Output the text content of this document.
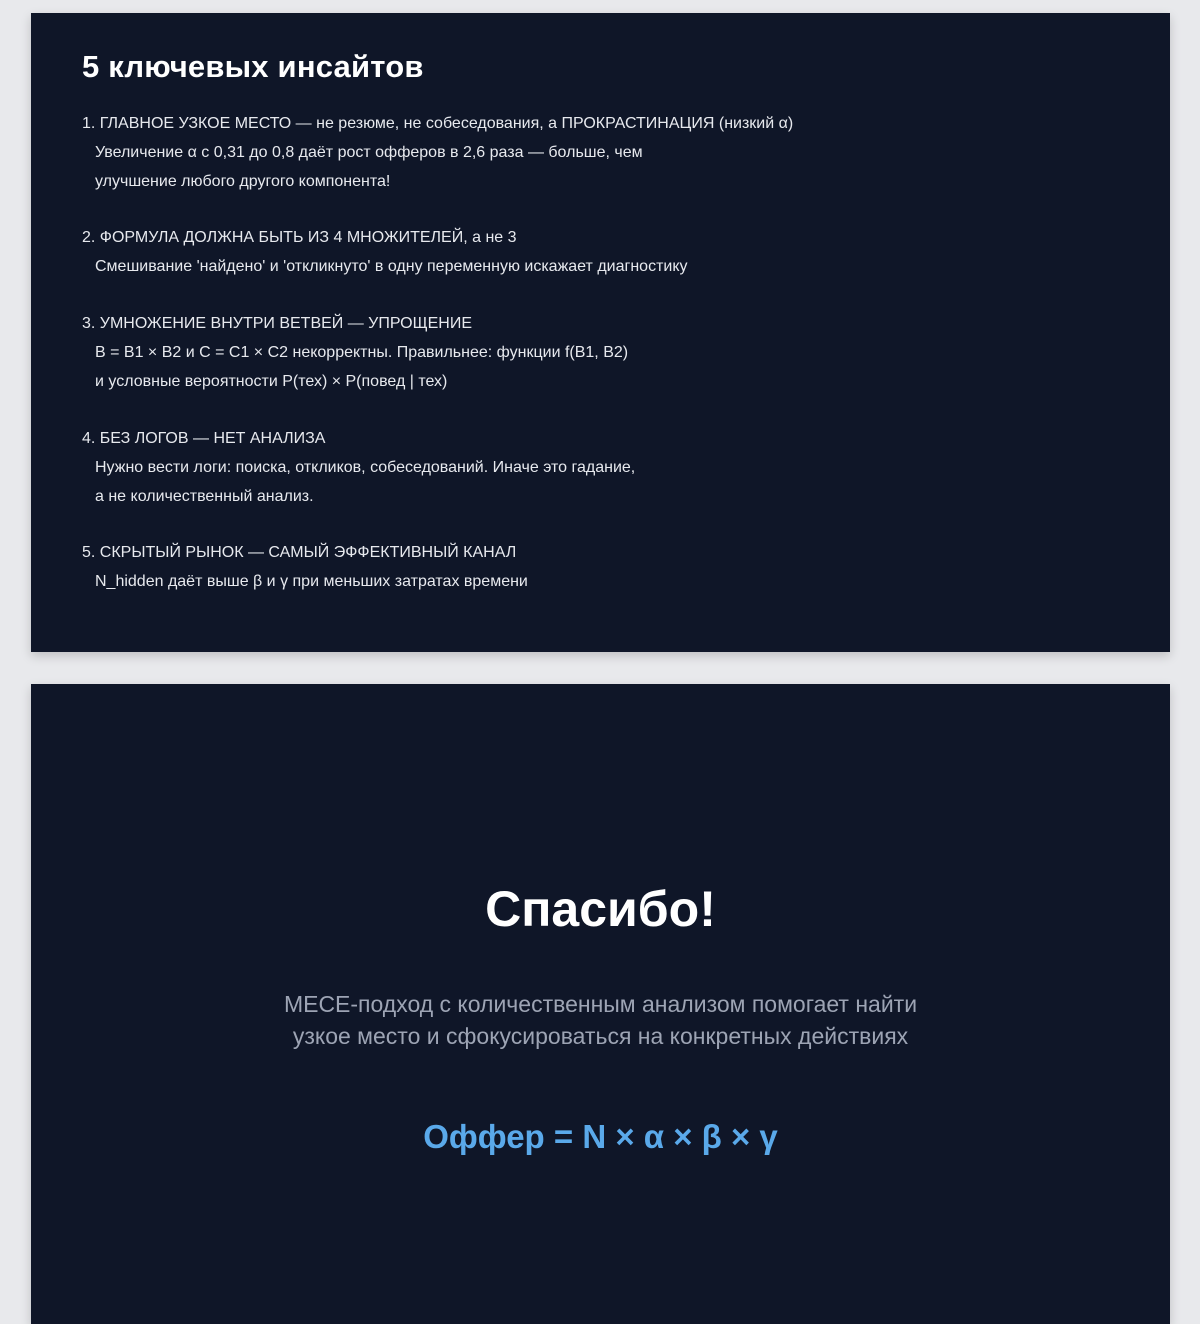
5 ключевых инсайтов
1. ГЛАВНОЕ УЗКОЕ МЕСТО — не резюме, не собеседования, а ПРОКРАСТИНАЦИЯ (низкий α)
Увеличение α с 0,31 до 0,8 даёт рост офферов в 2,6 раза — больше, чем
улучшение любого другого компонента!
2. ФОРМУЛА ДОЛЖНА БЫТЬ ИЗ 4 МНОЖИТЕЛЕЙ, а не 3
Смешивание 'найдено' и 'откликнуто' в одну переменную искажает диагностику
3. УМНОЖЕНИЕ ВНУТРИ ВЕТВЕЙ — УПРОЩЕНИЕ
B = B1 × B2 и C = C1 × C2 некорректны. Правильнее: функции f(B1, B2)
и условные вероятности P(тех) × P(повед | тех)
4. БЕЗ ЛОГОВ — НЕТ АНАЛИЗА
Нужно вести логи: поиска, откликов, собеседований. Иначе это гадание,
а не количественный анализ.
5. СКРЫТЫЙ РЫНОК — САМЫЙ ЭФФЕКТИВНЫЙ КАНАЛ
N_hidden даёт выше β и γ при меньших затратах времени
Спасибо!
MECE-подход с количественным анализом помогает найти
узкое место и сфокусироваться на конкретных действиях
Оффер = N × α × β × γ
